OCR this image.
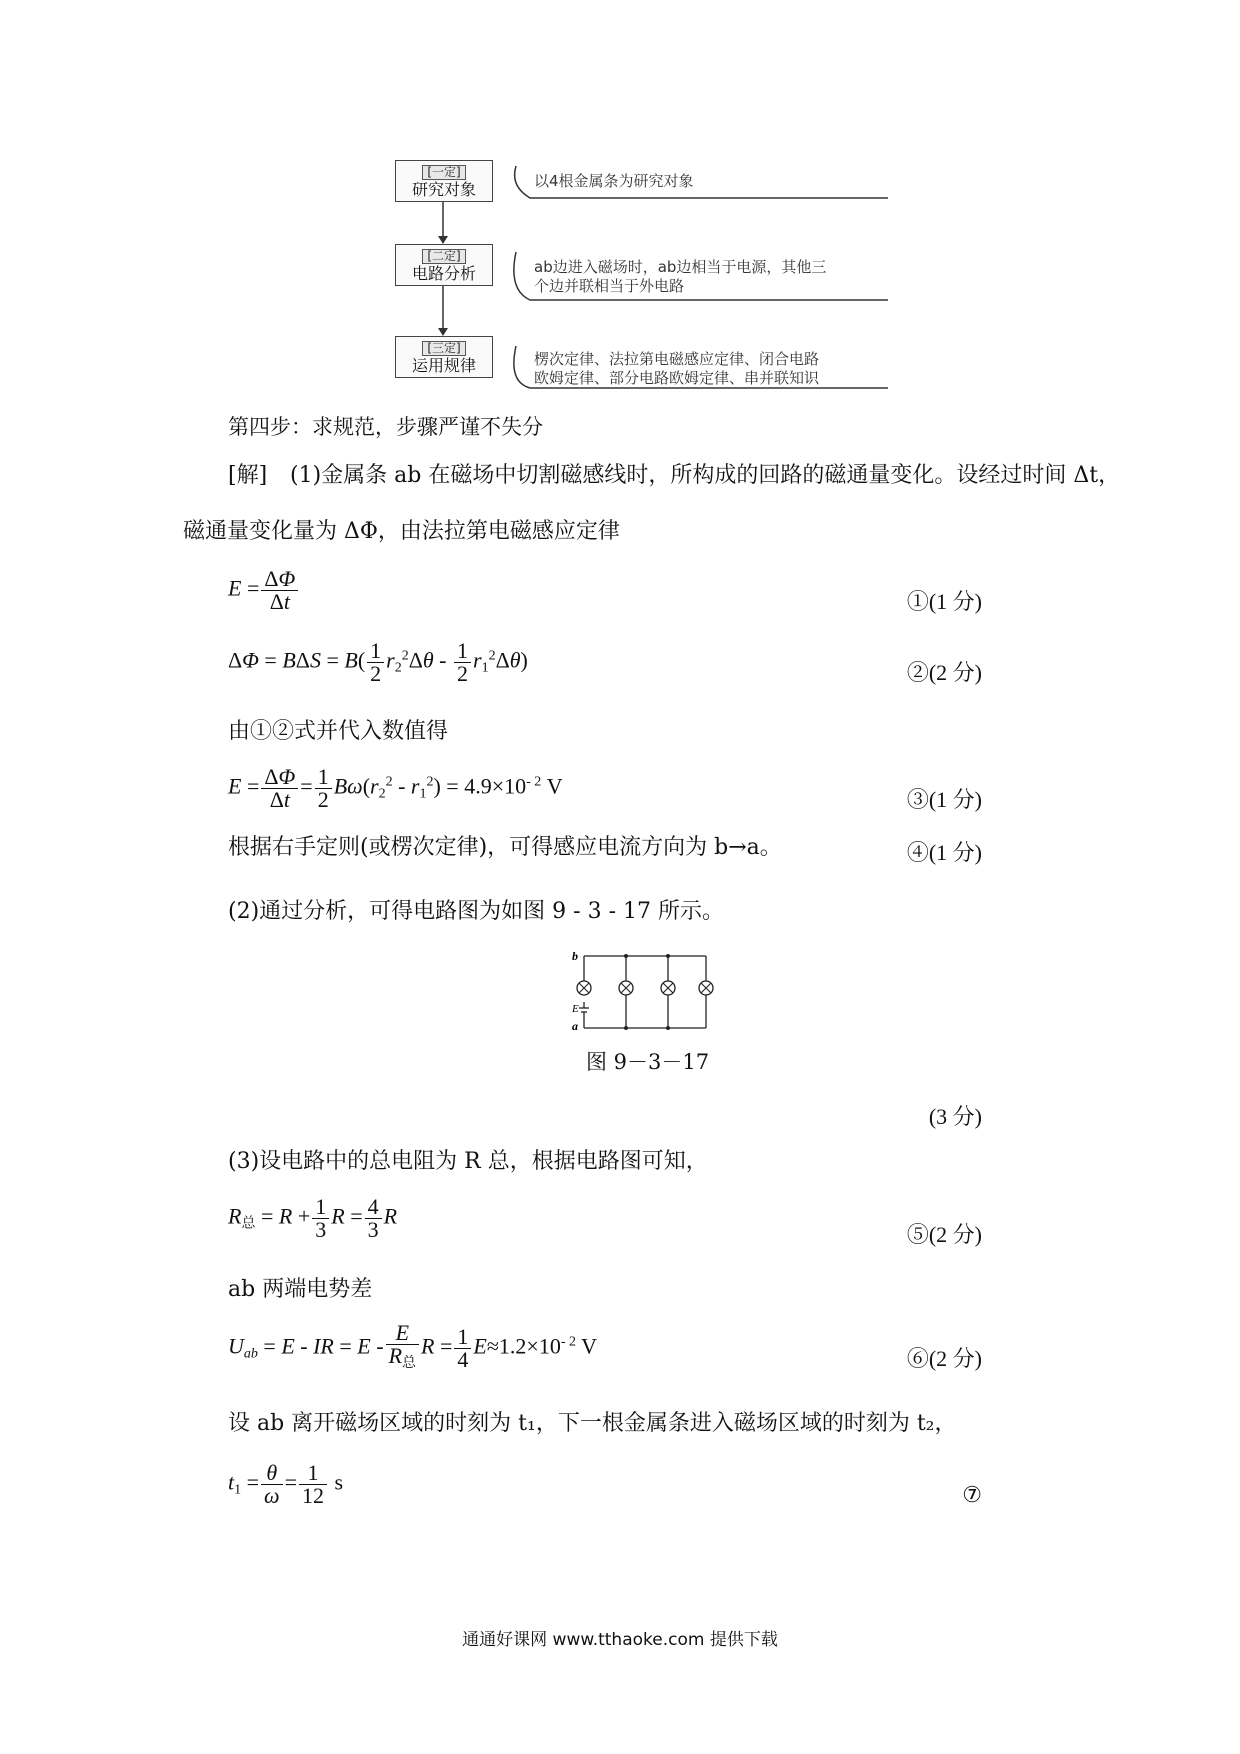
[一定]
研究对象
[二定]
电路分析
[三定]
运用规律
以4根金属条为研究对象
ab边进入磁场时，ab边相当于电源，其他三
个边并联相当于外电路
楞次定律、法拉第电磁感应定律、闭合电路
欧姆定律、部分电路欧姆定律、串并联知识
第四步：求规范，步骤严谨不失分
[解] (1)金属条 ab 在磁场中切割磁感线时，所构成的回路的磁通量变化。设经过时间 Δt，
磁通量变化量为 ΔΦ，由法拉第电磁感应定律
$E = \frac{\Delta\Phi}{\Delta t}$	①(1 分)
$\Delta\Phi = B\Delta S = B( \frac{1}{2} r_2^2\Delta\theta - \frac{1}{2} r_1^2\Delta\theta)$	②(2 分)
由①②式并代入数值得
$E = \frac{\Delta\Phi}{\Delta t} = \frac{1}{2} B\omega(r_2^2 - r_1^2) = 4.9\times 10^{- 2}$ V
③(1 分)
根据右手定则(或楞次定律)，可得感应电流方向为 b→a。	④(1 分)
(2)通过分析，可得电路图为如图 9 - 3 - 17 所示。
b
E
a
图 9－3－17
(3 分)
(3)设电路中的总电阻为 R 总，根据电路图可知，
$R_总 = R + \frac{1}{3}$ $R = \frac{4}{3}$ R
⑤(2 分)
ab 两端电势差
$U_{ab} = E$ - IR = E - $\frac{E}{R_总}$ $R = \frac{1}{4} E\approx 1.2\times 10^{- 2}$ V	⑥(2 分)
设 ab 离开磁场区域的时刻为 t₁，下一根金属条进入磁场区域的时刻为 t₂，
$t_1 = \frac{\theta}{\omega} = \frac{1}{12}$ s	⑦
通通好课网 www.tthaoke.com 提供下载
